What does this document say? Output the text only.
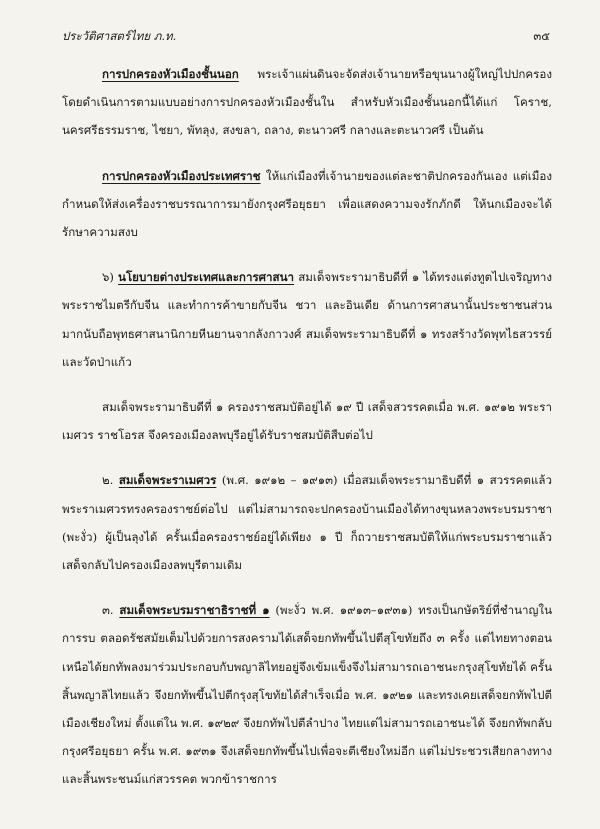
ประวัติศาสตร์ไทย ภ.ท.	๓๕

การปกครองหัวเมืองชั้นนอก พระเจ้าแผ่นดินจะจัดส่งเจ้านายหรือขุนนางผู้ใหญ่ไปปกครอง โดยดำเนินการตามแบบอย่างการปกครองหัวเมืองชั้นใน สำหรับหัวเมืองชั้นนอกนี้ได้แก่ โคราช, นครศรีธรรมราช, ไชยา, พัทลุง, สงขลา, ถลาง, ตะนาวศรี กลางและตะนาวศรี เป็นต้น

การปกครองหัวเมืองประเทศราช ให้แก่เมืองที่เจ้านายของแต่ละชาติปกครองกันเอง แต่เมืองกำหนดให้ส่งเครื่องราชบรรณาการมายังกรุงศรีอยุธยา เพื่อแสดงความจงรักภักดี ให้นกเมืองจะได้รักษาความสงบ

๖) นโยบายต่างประเทศและการศาสนา สมเด็จพระรามาธิบดีที่ ๑ ได้ทรงแต่งทูตไปเจริญทางพระราชไมตรีกับจีน และทำการค้าขายกับจีน ชวา และอินเดีย ด้านการศาสนานั้นประชาชนส่วนมากนับถือพุทธศาสนานิกายหีนยานจากลังกาวงศ์ สมเด็จพระรามาธิบดีที่ ๑ ทรงสร้างวัดพุทไธสวรรย์และวัดป่าแก้ว

สมเด็จพระรามาธิบดีที่ ๑ ครองราชสมบัติอยู่ได้ ๑๙ ปี เสด็จสวรรคตเมื่อ พ.ศ. ๑๙๑๒ พระราเมศวร ราชโอรส จึงครองเมืองลพบุรีอยู่ได้รับราชสมบัติสืบต่อไป

๒. สมเด็จพระราเมศวร (พ.ศ. ๑๙๑๒ – ๑๙๑๓) เมื่อสมเด็จพระรามาธิบดีที่ ๑ สวรรคตแล้ว พระราเมศวรทรงครองราชย์ต่อไป แต่ไม่สามารถจะปกครองบ้านเมืองได้ทางขุนหลวงพระบรมราชา (พะงั่ว) ผู้เป็นลุงได้ ครั้นเมื่อครองราชย์อยู่ได้เพียง ๑ ปี ก็ถวายราชสมบัติให้แก่พระบรมราชาแล้วเสด็จกลับไปครองเมืองลพบุรีตามเดิม

๓. สมเด็จพระบรมราชาธิราชที่ ๑ (พะงั่ว พ.ศ. ๑๙๑๓–๑๙๓๑) ทรงเป็นกษัตริย์ที่ชำนาญในการรบ ตลอดรัชสมัยเต็มไปด้วยการสงครามได้เสด็จยกทัพขึ้นไปตีสุโขทัยถึง ๓ ครั้ง แต่ไทยทางตอนเหนือได้ยกทัพลงมาร่วมประกอบกับพญาลิไทยอยู่จึงเข้มแข็งจึงไม่สามารถเอาชนะกรุงสุโขทัยได้ ครั้นสิ้นพญาลิไทยแล้ว จึงยกทัพขึ้นไปตีกรุงสุโขทัยได้สำเร็จเมื่อ พ.ศ. ๑๙๒๑ และทรงเคยเสด็จยกทัพไปตีเมืองเชียงใหม่ ตั้งแต่ใน พ.ศ. ๑๙๒๙ จึงยกทัพไปตีลำปาง ไทยแต่ไม่สามารถเอาชนะได้ จึงยกทัพกลับกรุงศรีอยุธยา ครั้น พ.ศ. ๑๙๓๑ จึงเสด็จยกทัพขึ้นไปเพื่อจะตีเชียงใหม่อีก แต่ไม่ประชวรเสียกลางทางและสิ้นพระชนม์แก่สวรรคต พวกข้าราชการ
